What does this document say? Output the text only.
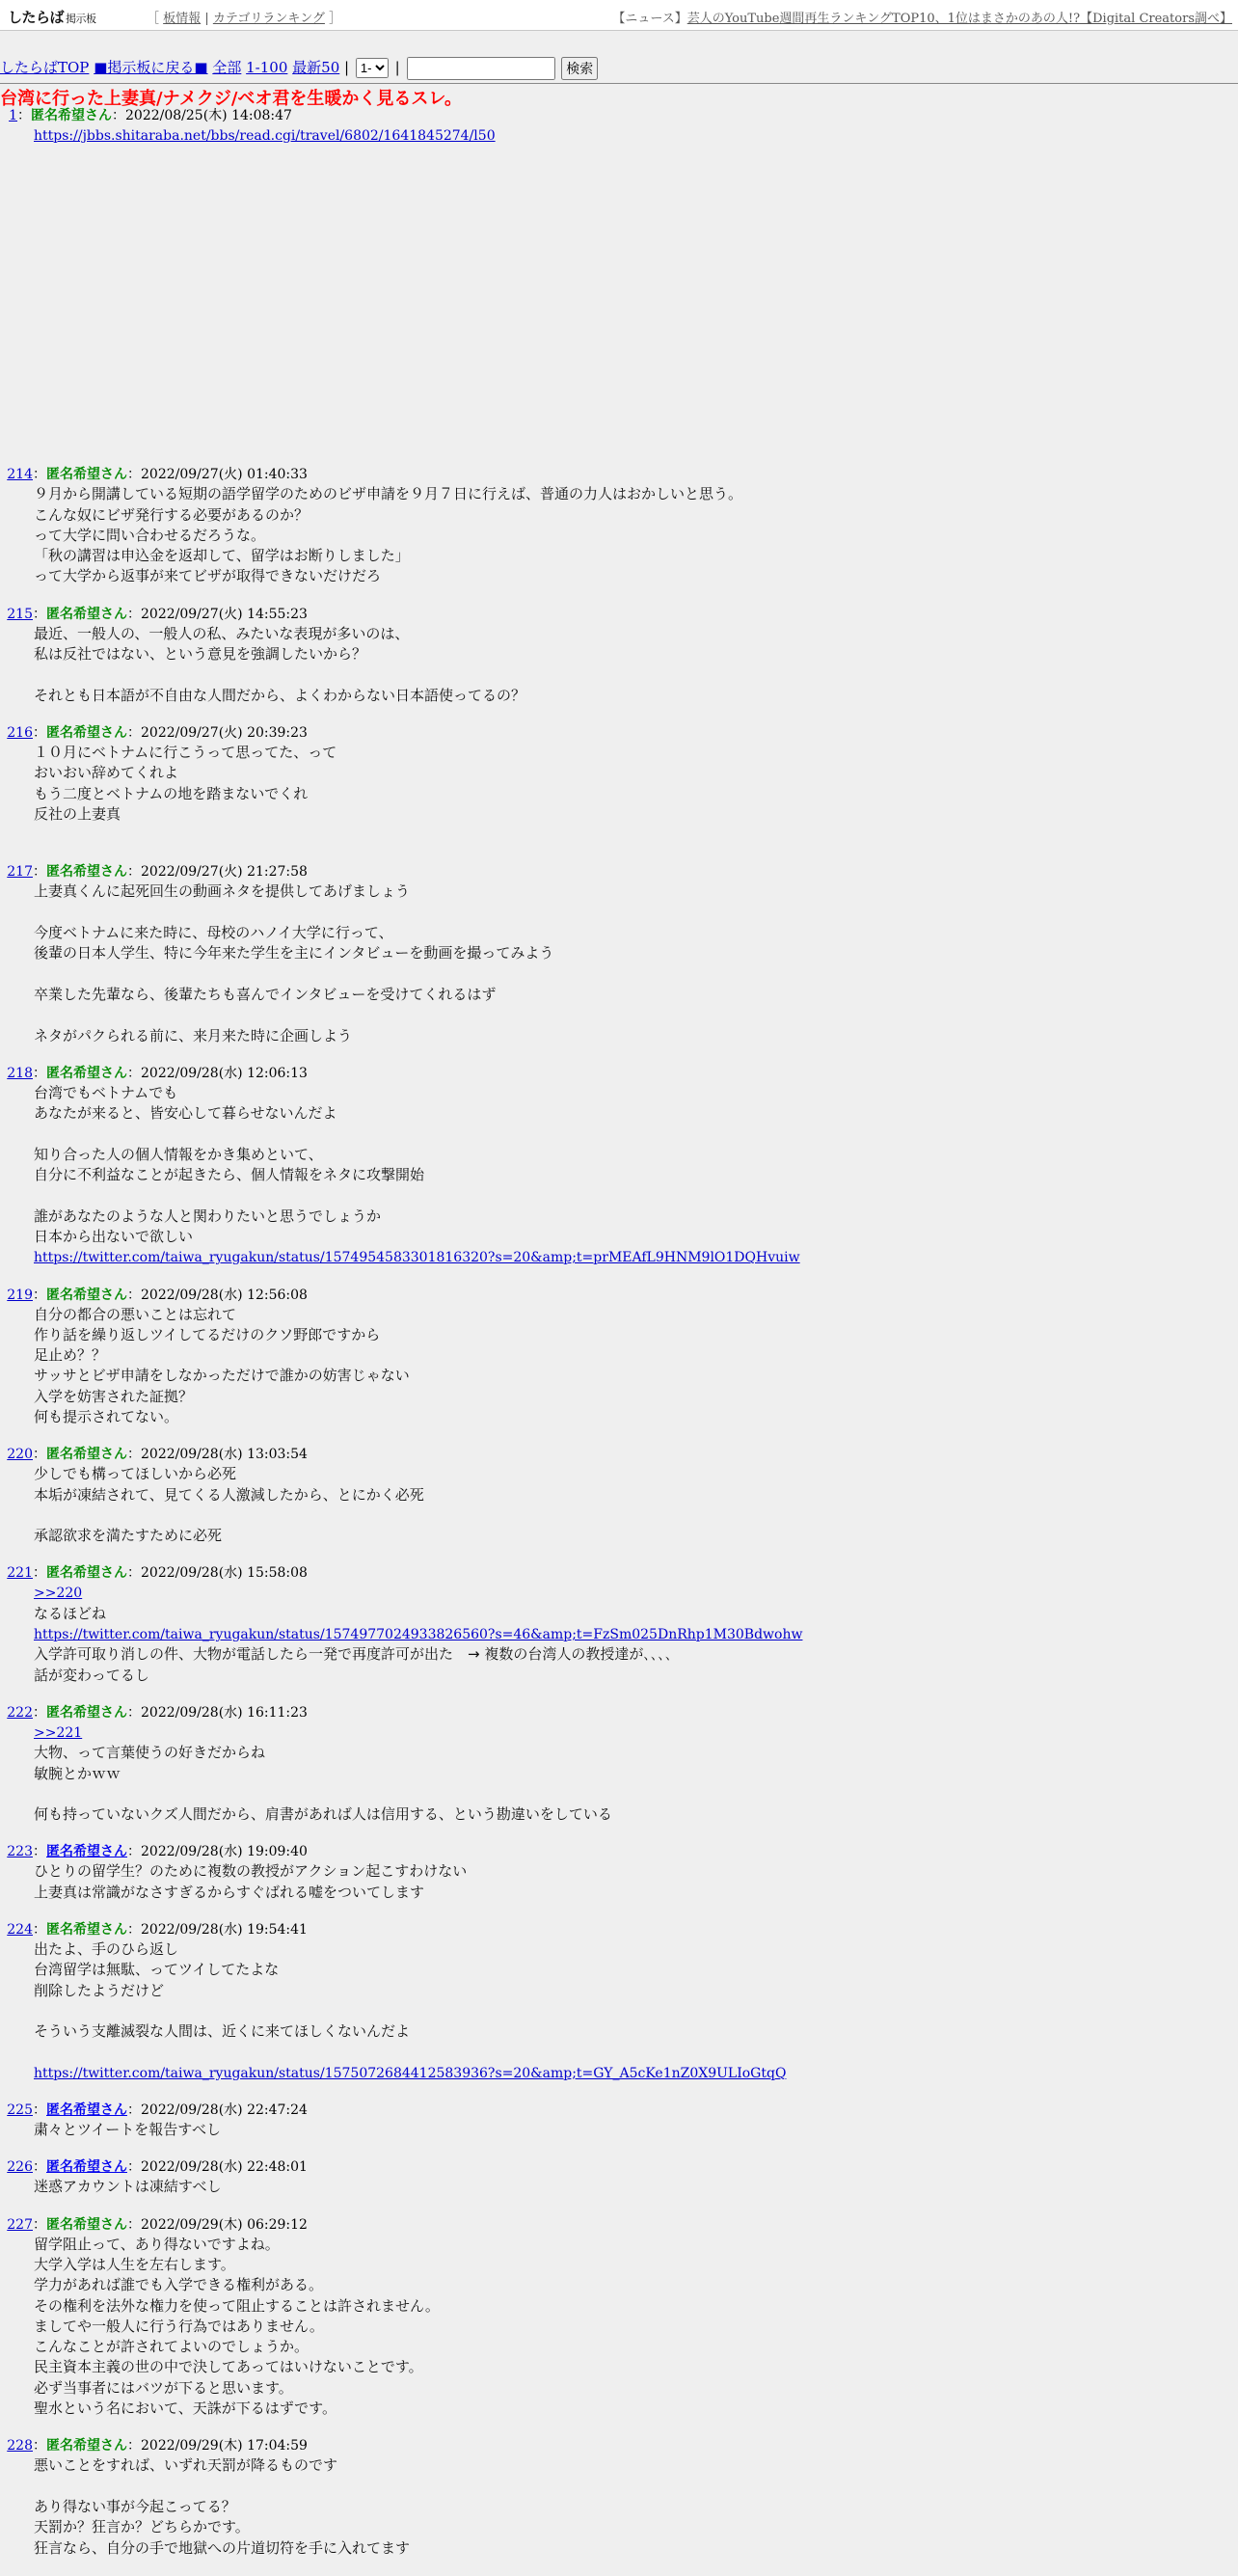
したらば 掲示板	［ 板情報 | カテゴリランキング ］	【ニュース】芸人のYouTube週間再生ランキングTOP10、1位はまさかのあの人!?【Digital Creators調べ】
したらばTOP ■掲示板に戻る■ 全部 1-100 最新50 |
1-	|	検索
台湾に行った上妻真/ナメクジ/ベオ君を生暖かく見るスレ。
1：匿名希望さん：2022/08/25(木) 14:08:47
https://jbbs.shitaraba.net/bbs/read.cgi/travel/6802/1641845274/l50
214：匿名希望さん：2022/09/27(火) 01:40:33
９月から開講している短期の語学留学のためのビザ申請を９月７日に行えば、普通の力人はおかしいと思う。
こんな奴にビザ発行する必要があるのか？
って大学に問い合わせるだろうな。
「秋の講習は申込金を返却して、留学はお断りしました」
って大学から返事が来てビザが取得できないだけだろ
215：匿名希望さん：2022/09/27(火) 14:55:23
最近、一般人の、一般人の私、みたいな表現が多いのは、
私は反社ではない、という意見を強調したいから？
それとも日本語が不自由な人間だから、よくわからない日本語使ってるの？
216：匿名希望さん：2022/09/27(火) 20:39:23
１０月にベトナムに行こうって思ってた、って
おいおい辞めてくれよ
もう二度とベトナムの地を踏まないでくれ
反社の上妻真
217：匿名希望さん：2022/09/27(火) 21:27:58
上妻真くんに起死回生の動画ネタを提供してあげましょう
今度ベトナムに来た時に、母校のハノイ大学に行って、
後輩の日本人学生、特に今年来た学生を主にインタビューを動画を撮ってみよう
卒業した先輩なら、後輩たちも喜んでインタビューを受けてくれるはず
ネタがパクられる前に、来月来た時に企画しよう
218：匿名希望さん：2022/09/28(水) 12:06:13
台湾でもベトナムでも
あなたが来ると、皆安心して暮らせないんだよ
知り合った人の個人情報をかき集めといて、
自分に不利益なことが起きたら、個人情報をネタに攻撃開始
誰があなたのような人と関わりたいと思うでしょうか
日本から出ないで欲しい
https://twitter.com/taiwa_ryugakun/status/1574954583301816320?s=20&amp;t=prMEAfL9HNM9lO1DQHvuiw
219：匿名希望さん：2022/09/28(水) 12:56:08
自分の都合の悪いことは忘れて
作り話を繰り返しツイしてるだけのクソ野郎ですから
足止め？？
サッサとビザ申請をしなかっただけで誰かの妨害じゃない
入学を妨害された証拠？
何も提示されてない。
220：匿名希望さん：2022/09/28(水) 13:03:54
少しでも構ってほしいから必死
本垢が凍結されて、見てくる人激減したから、とにかく必死
承認欲求を満たすために必死
221：匿名希望さん：2022/09/28(水) 15:58:08
>>220
なるほどね
https://twitter.com/taiwa_ryugakun/status/1574977024933826560?s=46&amp;t=FzSm025DnRhp1M30Bdwohw
入学許可取り消しの件、大物が電話したら一発で再度許可が出た　→ 複数の台湾人の教授達が､､､､
話が変わってるし
222：匿名希望さん：2022/09/28(水) 16:11:23
>>221
大物、って言葉使うの好きだからね
敏腕とかｗｗ
何も持っていないクズ人間だから、肩書があれば人は信用する、という勘違いをしている
223：匿名希望さん：2022/09/28(水) 19:09:40
ひとりの留学生？のために複数の教授がアクション起こすわけない
上妻真は常識がなさすぎるからすぐばれる嘘をついてします
224：匿名希望さん：2022/09/28(水) 19:54:41
出たよ、手のひら返し
台湾留学は無駄、ってツイしてたよな
削除したようだけど
そういう支離滅裂な人間は、近くに来てほしくないんだよ
https://twitter.com/taiwa_ryugakun/status/1575072684412583936?s=20&amp;t=GY_A5cKe1nZ0X9ULIoGtqQ
225：匿名希望さん：2022/09/28(水) 22:47:24
粛々とツイートを報告すべし
226：匿名希望さん：2022/09/28(水) 22:48:01
迷惑アカウントは凍結すべし
227：匿名希望さん：2022/09/29(木) 06:29:12
留学阻止って、あり得ないですよね。
大学入学は人生を左右します。
学力があれば誰でも入学できる権利がある。
その権利を法外な権力を使って阻止することは許されません。
ましてや一般人に行う行為ではありません。
こんなことが許されてよいのでしょうか。
民主資本主義の世の中で決してあってはいけないことです。
必ず当事者にはバツが下ると思います。
聖水という名において、天誅が下るはずです。
228：匿名希望さん：2022/09/29(木) 17:04:59
悪いことをすれば、いずれ天罰が降るものです
あり得ない事が今起こってる？
天罰か？狂言か？どちらかです。
狂言なら、自分の手で地獄への片道切符を手に入れてます
